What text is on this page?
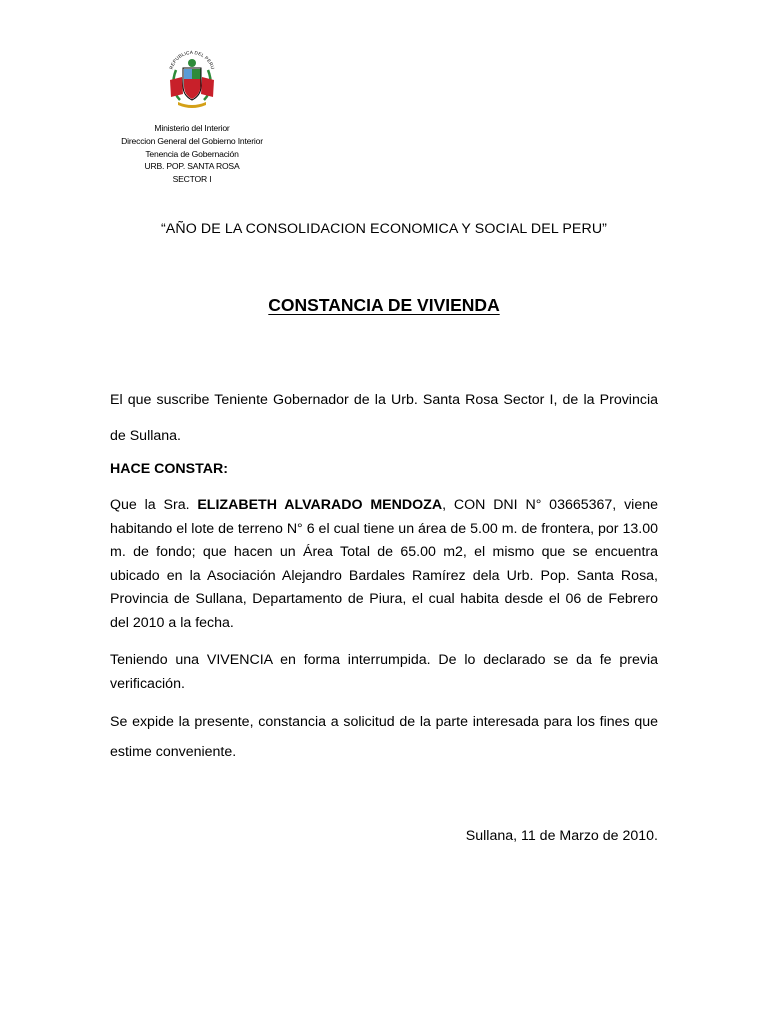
REPUBLICA DEL PERU
Ministerio del Interior
Direccion General del Gobierno Interior
Tenencia de Gobernación
URB. POP. SANTA ROSA
SECTOR I
“AÑO DE LA CONSOLIDACION ECONOMICA Y SOCIAL DEL PERU”
CONSTANCIA DE VIVIENDA
El que suscribe Teniente Gobernador de la Urb. Santa Rosa Sector I, de la Provincia de Sullana.
HACE CONSTAR:
Que la Sra. ELIZABETH ALVARADO MENDOZA, CON DNI N° 03665367, viene habitando el lote de terreno N° 6 el cual tiene un área de 5.00 m. de frontera, por 13.00 m. de fondo; que hacen un Área Total de 65.00 m2, el mismo que se encuentra ubicado en la Asociación Alejandro Bardales Ramírez dela Urb. Pop. Santa Rosa, Provincia de Sullana, Departamento de Piura, el cual habita desde el 06 de Febrero del 2010 a la fecha.
Teniendo una VIVENCIA en forma interrumpida. De lo declarado se da fe previa verificación.
Se expide la presente, constancia a solicitud de la parte interesada para los fines que estime conveniente.
Sullana, 11 de Marzo de 2010.
